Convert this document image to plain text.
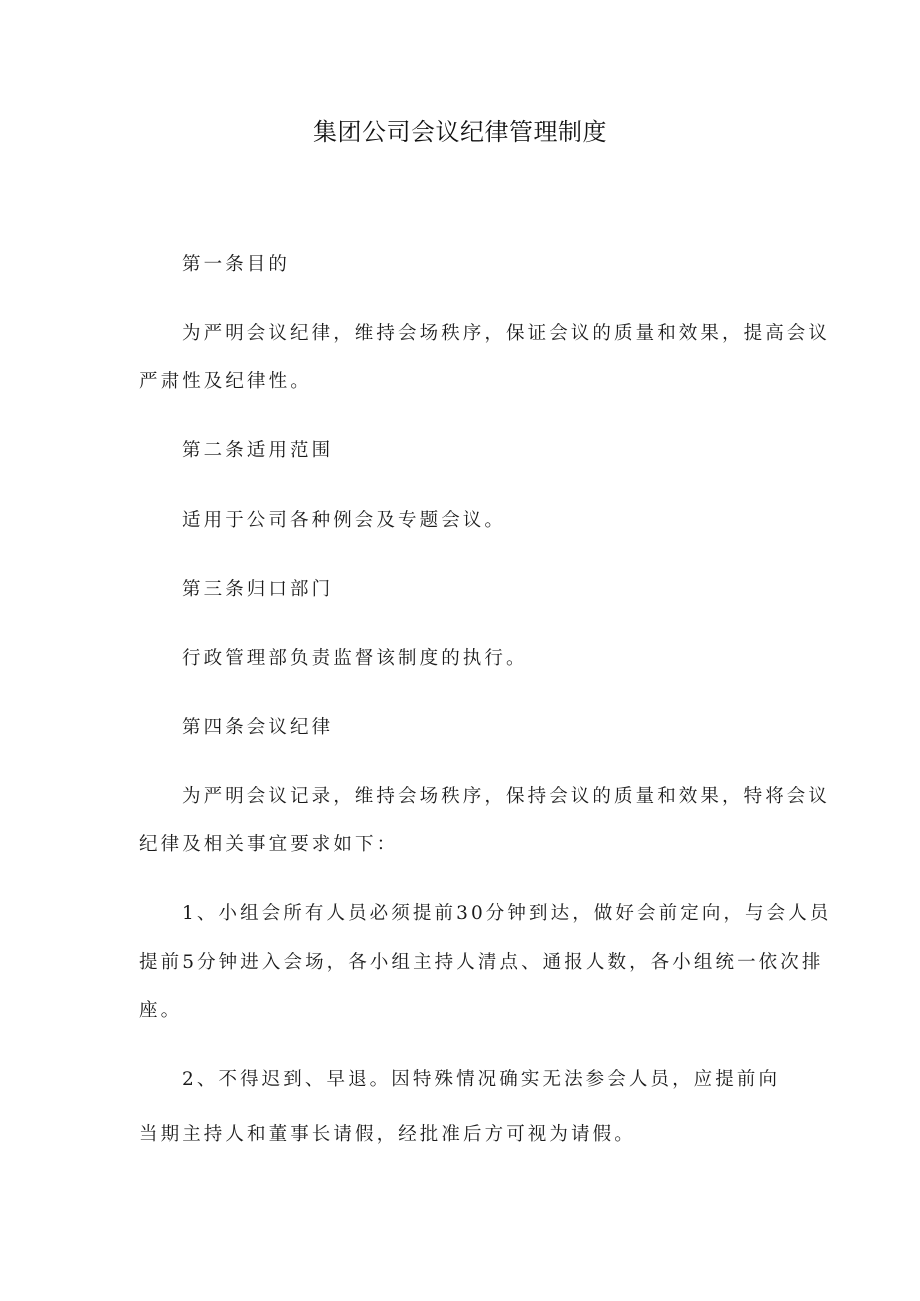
集团公司会议纪律管理制度

第一条目的

为严明会议纪律，维持会场秩序，保证会议的质量和效果，提高会议

严肃性及纪律性。

第二条适用范围

适用于公司各种例会及专题会议。

第三条归口部门

行政管理部负责监督该制度的执行。

第四条会议纪律

为严明会议记录，维持会场秩序，保持会议的质量和效果，特将会议

纪律及相关事宜要求如下：

1、小组会所有人员必须提前30分钟到达，做好会前定向，与会人员

提前5分钟进入会场，各小组主持人清点、通报人数，各小组统一依次排

座。

2、不得迟到、早退。因特殊情况确实无法参会人员，应提前向

当期主持人和董事长请假，经批准后方可视为请假。
